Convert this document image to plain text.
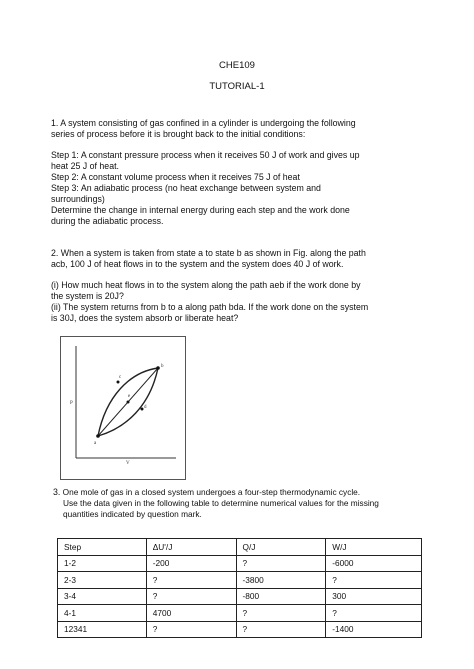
CHE109
TUTORIAL-1
1. A system consisting of gas confined in a cylinder is undergoing the following
series of process before it is brought back to the initial conditions:
Step 1: A constant pressure process when it receives 50 J of work and gives up
heat 25 J of heat.
Step 2: A constant volume process when it receives 75 J of heat
Step 3: An adiabatic process (no heat exchange between system and
surroundings)
Determine the change in internal energy during each step and the work done
during the adiabatic process.
2. When a system is taken from state a to state b as shown in Fig. along the path
acb, 100 J of heat flows in to the system and the system does 40 J of work.
(i) How much heat flows in to the system along the path aeb if the work done by
the system is 20J?
(ii) The system returns from b to a along path bda. If the work done on the system
is 30J, does the system absorb or liberate heat?
a
b
c
d
e
P
V
3. One mole of gas in a closed system undergoes a four-step thermodynamic cycle.
Use the data given in the following table to determine numerical values for the missing
quantities indicated by question mark.
Step	ΔU'/J	Q/J	W/J
1-2	-200	?	-6000
2-3	?	-3800	?
3-4	?	-800	300
4-1	4700	?	?
12341	?	?	-1400
